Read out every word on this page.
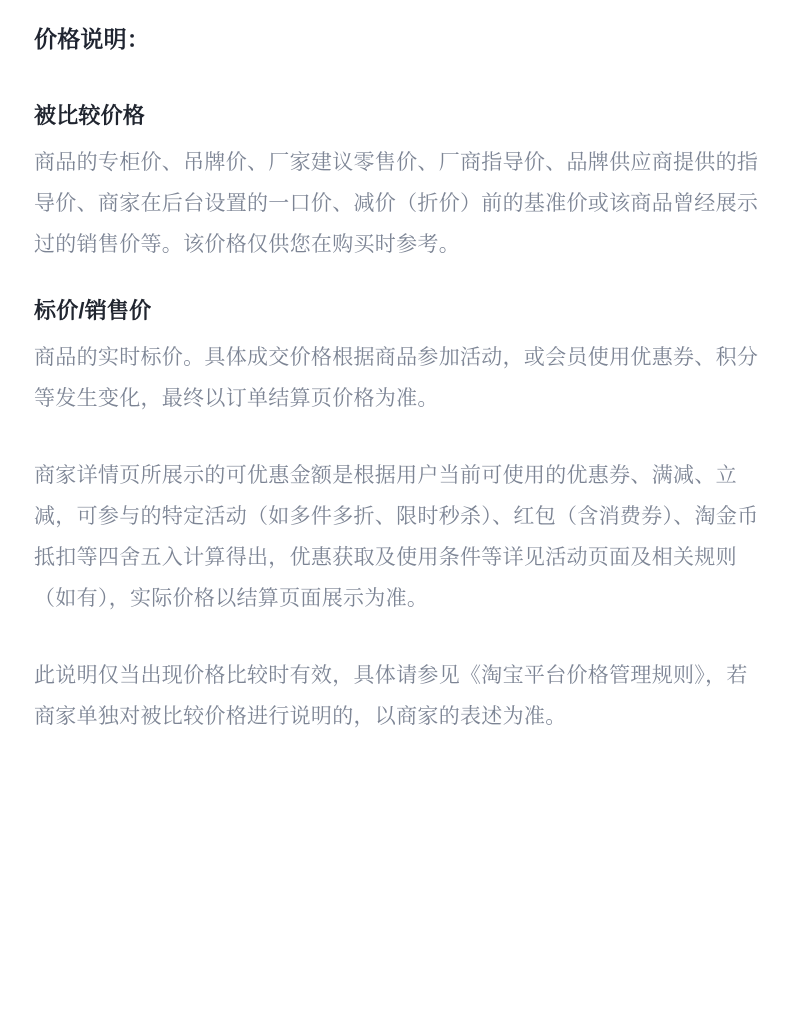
价格说明：
被比较价格

商品的专柜价、吊牌价、厂家建议零售价、厂商指导价、品牌供应商提供的指导价、商家在后台设置的一口价、减价（折价）前的基准价或该商品曾经展示过的销售价等。该价格仅供您在购买时参考。

标价/销售价

商品的实时标价。具体成交价格根据商品参加活动，或会员使用优惠券、积分等发生变化，最终以订单结算页价格为准。

商家详情页所展示的可优惠金额是根据用户当前可使用的优惠券、满减、立减，可参与的特定活动（如多件多折、限时秒杀）、红包（含消费券）、淘金币抵扣等四舍五入计算得出，优惠获取及使用条件等详见活动页面及相关规则（如有），实际价格以结算页面展示为准。

此说明仅当出现价格比较时有效，具体请参见《淘宝平台价格管理规则》，若商家单独对被比较价格进行说明的，以商家的表述为准。
